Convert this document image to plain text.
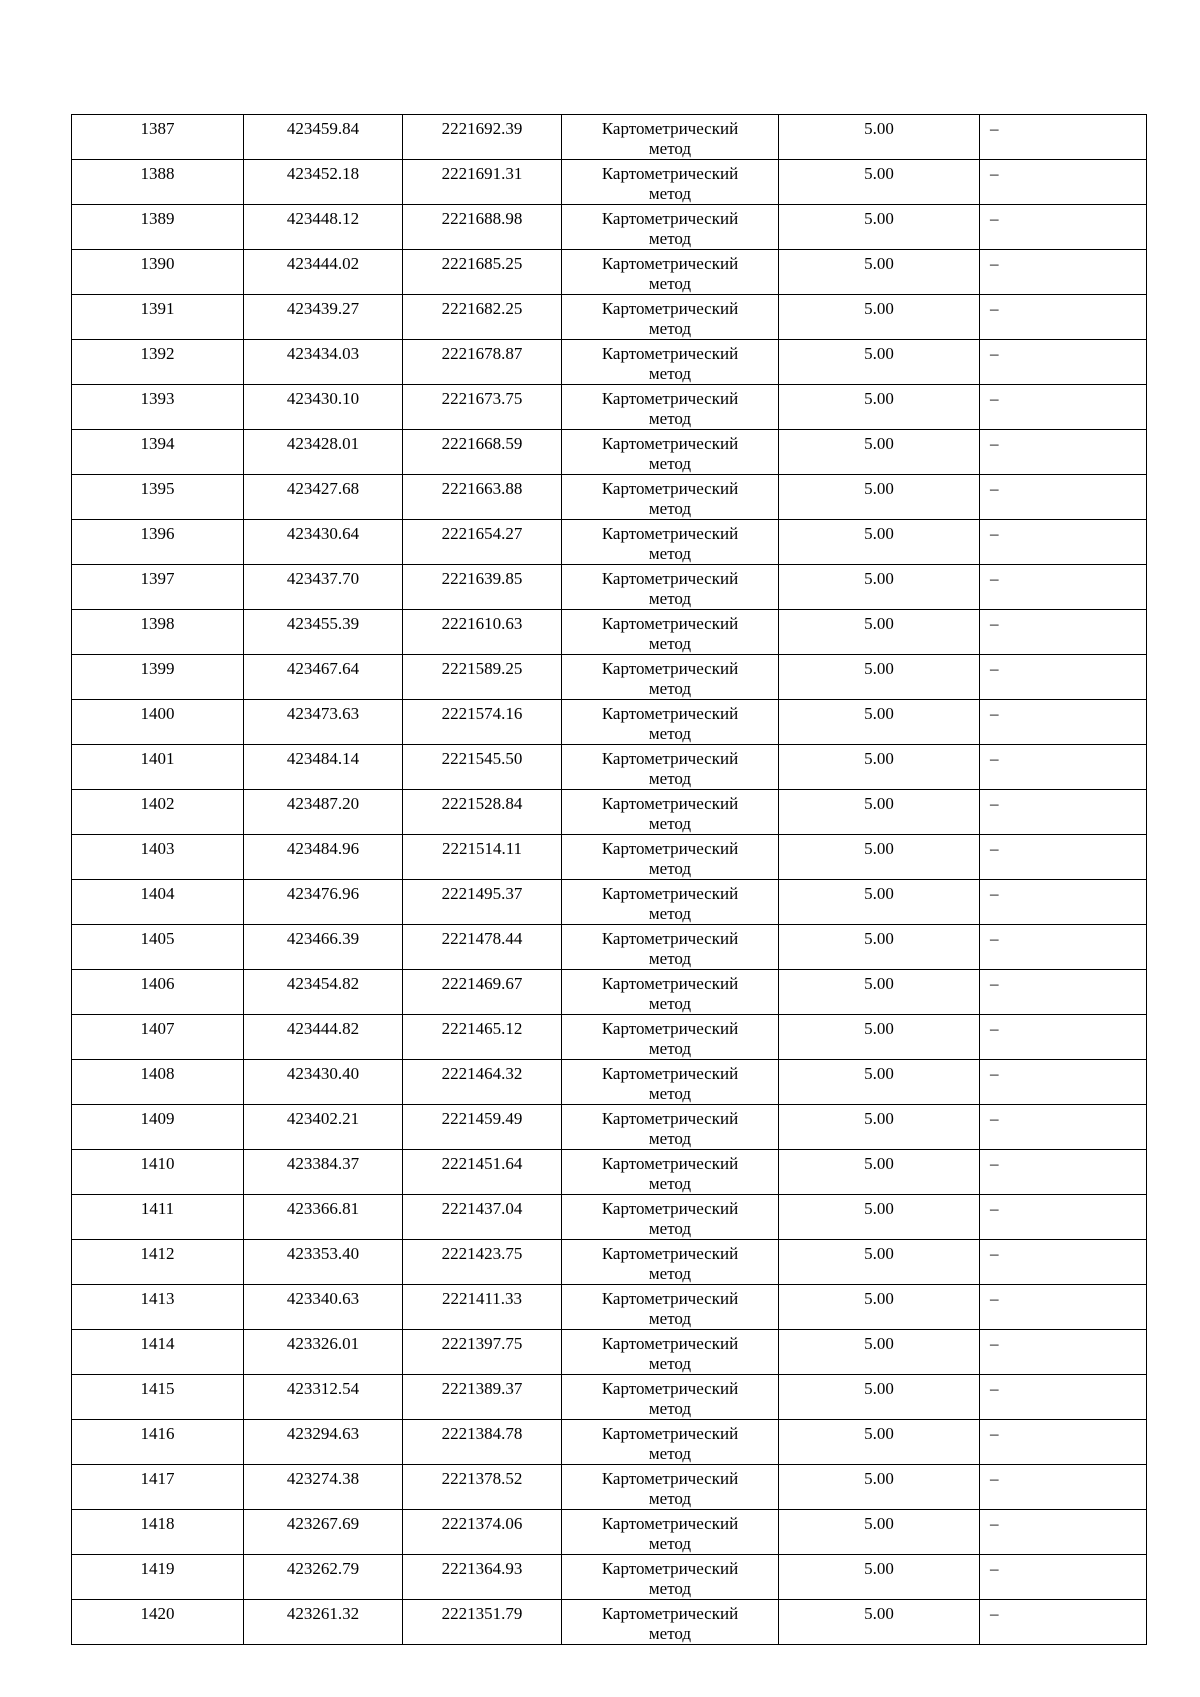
1387	423459.84	2221692.39	Картометрический
метод	5.00	–
1388	423452.18	2221691.31	Картометрический
метод	5.00	–
1389	423448.12	2221688.98	Картометрический
метод	5.00	–
1390	423444.02	2221685.25	Картометрический
метод	5.00	–
1391	423439.27	2221682.25	Картометрический
метод	5.00	–
1392	423434.03	2221678.87	Картометрический
метод	5.00	–
1393	423430.10	2221673.75	Картометрический
метод	5.00	–
1394	423428.01	2221668.59	Картометрический
метод	5.00	–
1395	423427.68	2221663.88	Картометрический
метод	5.00	–
1396	423430.64	2221654.27	Картометрический
метод	5.00	–
1397	423437.70	2221639.85	Картометрический
метод	5.00	–
1398	423455.39	2221610.63	Картометрический
метод	5.00	–
1399	423467.64	2221589.25	Картометрический
метод	5.00	–
1400	423473.63	2221574.16	Картометрический
метод	5.00	–
1401	423484.14	2221545.50	Картометрический
метод	5.00	–
1402	423487.20	2221528.84	Картометрический
метод	5.00	–
1403	423484.96	2221514.11	Картометрический
метод	5.00	–
1404	423476.96	2221495.37	Картометрический
метод	5.00	–
1405	423466.39	2221478.44	Картометрический
метод	5.00	–
1406	423454.82	2221469.67	Картометрический
метод	5.00	–
1407	423444.82	2221465.12	Картометрический
метод	5.00	–
1408	423430.40	2221464.32	Картометрический
метод	5.00	–
1409	423402.21	2221459.49	Картометрический
метод	5.00	–
1410	423384.37	2221451.64	Картометрический
метод	5.00	–
1411	423366.81	2221437.04	Картометрический
метод	5.00	–
1412	423353.40	2221423.75	Картометрический
метод	5.00	–
1413	423340.63	2221411.33	Картометрический
метод	5.00	–
1414	423326.01	2221397.75	Картометрический
метод	5.00	–
1415	423312.54	2221389.37	Картометрический
метод	5.00	–
1416	423294.63	2221384.78	Картометрический
метод	5.00	–
1417	423274.38	2221378.52	Картометрический
метод	5.00	–
1418	423267.69	2221374.06	Картометрический
метод	5.00	–
1419	423262.79	2221364.93	Картометрический
метод	5.00	–
1420	423261.32	2221351.79	Картометрический
метод	5.00	–
